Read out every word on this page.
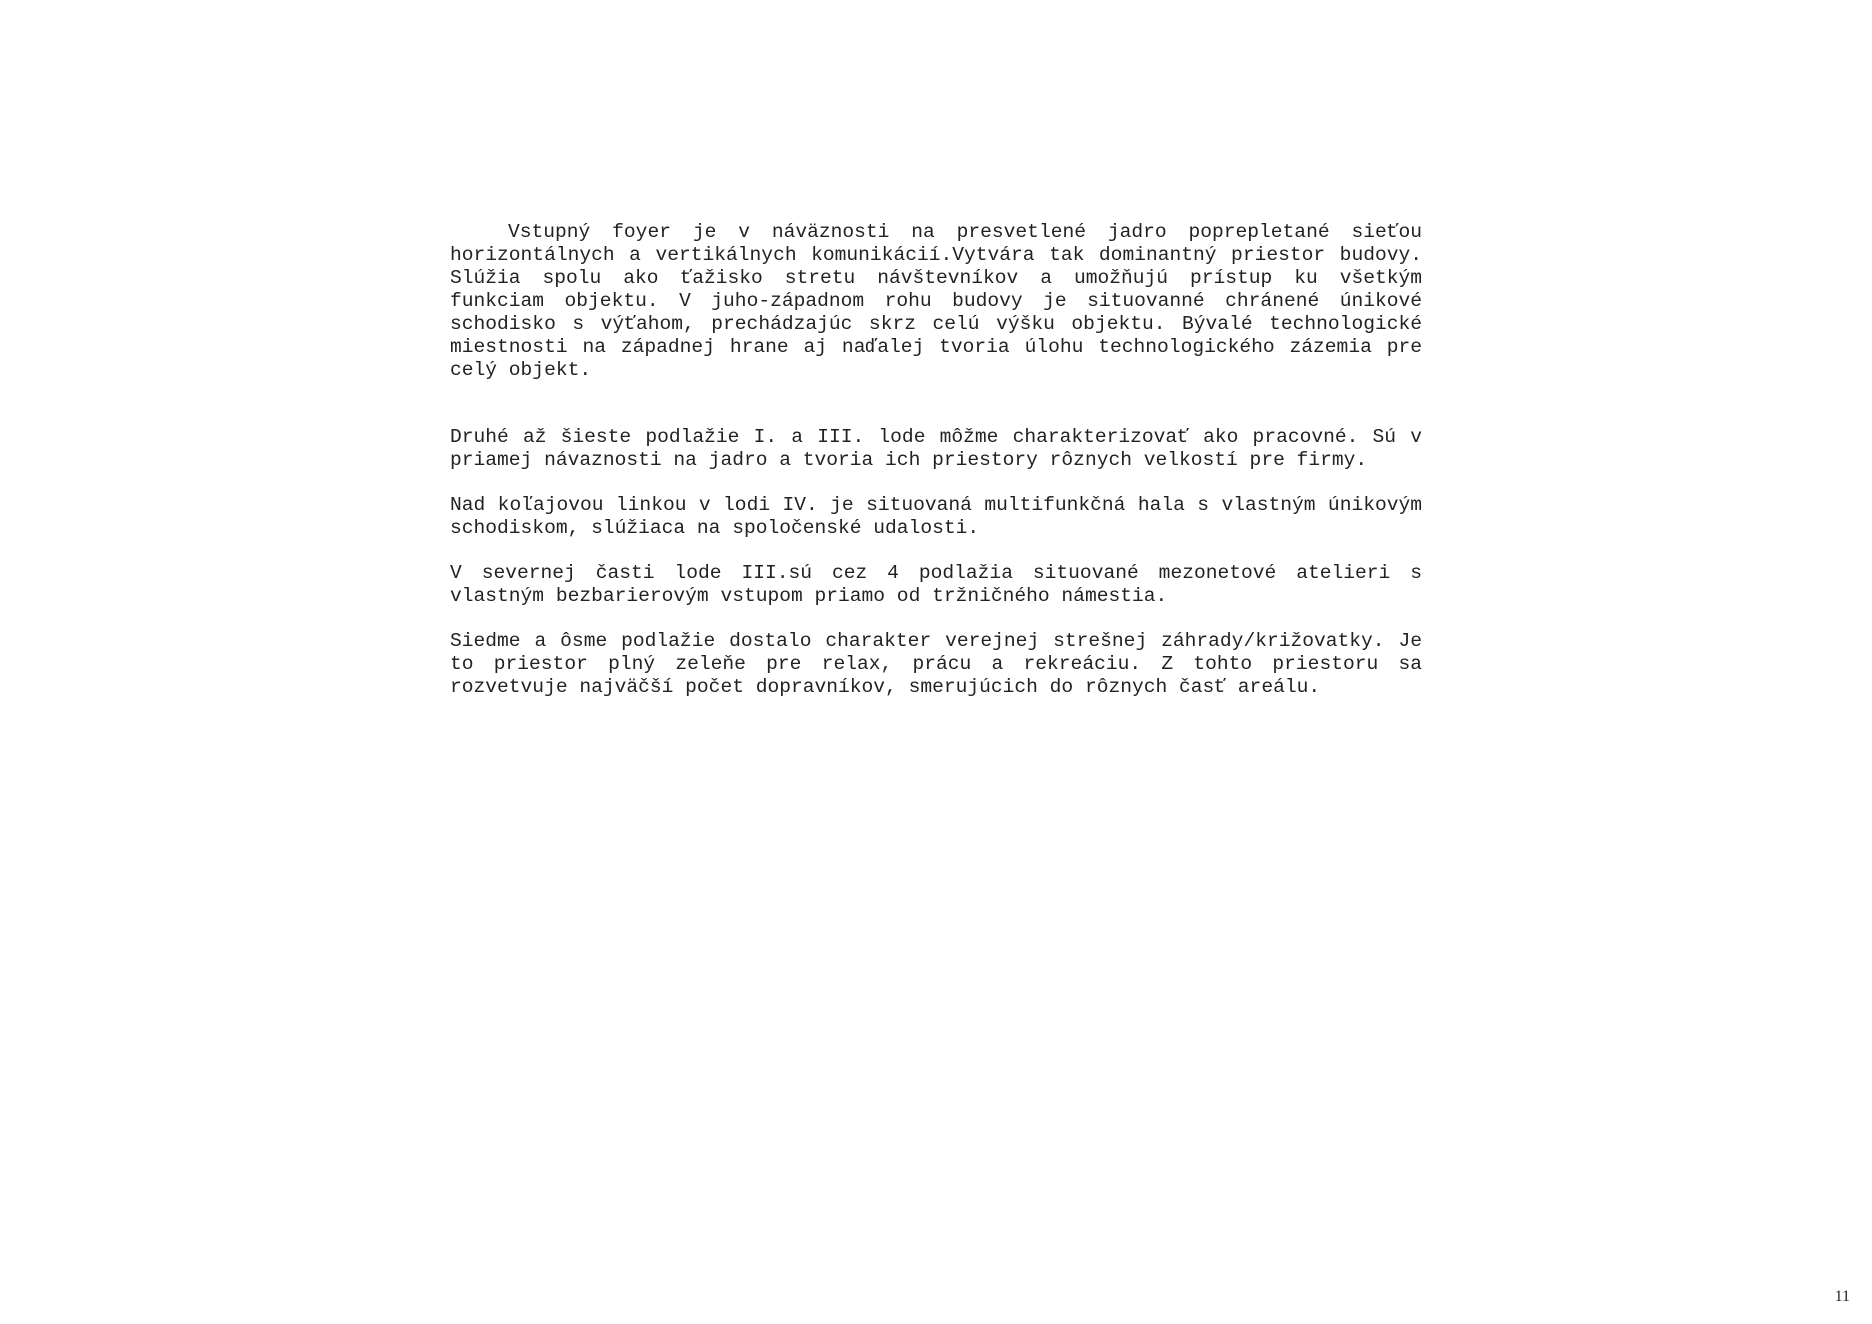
Vstupný foyer je v náväznosti na presvetlené jadro poprepletané sieťou horizontálnych a vertikálnych komunikácií.Vytvára tak dominantný priestor budovy. Slúžia spolu ako ťažisko stretu návštevníkov a umožňujú prístup ku všetkým funkciam objektu. V juho-západnom rohu budovy je situovanné chránené únikové schodisko s výťahom, prechádzajúc skrz celú výšku objektu. Bývalé technologické miestnosti na západnej hrane aj naďalej tvoria úlohu technologického zázemia pre celý objekt.

Druhé až šieste podlažie I. a III. lode môžme charakterizovať ako pracovné. Sú v priamej návaznosti na jadro a tvoria ich priestory rôznych velkostí pre firmy.

Nad koľajovou linkou v lodi IV. je situovaná multifunkčná hala s vlastným únikovým schodiskom, slúžiaca na spoločenské udalosti.

V severnej časti lode III.sú cez 4 podlažia situované mezonetové atelieri s vlastným bezbarierovým vstupom priamo od tržničného námestia.

Siedme a ôsme podlažie dostalo charakter verejnej strešnej záhrady/križovatky. Je to priestor plný zeleňe pre relax, prácu a rekreáciu. Z tohto priestoru sa rozvetvuje najväčší počet dopravníkov, smerujúcich do rôznych časť areálu.

11
